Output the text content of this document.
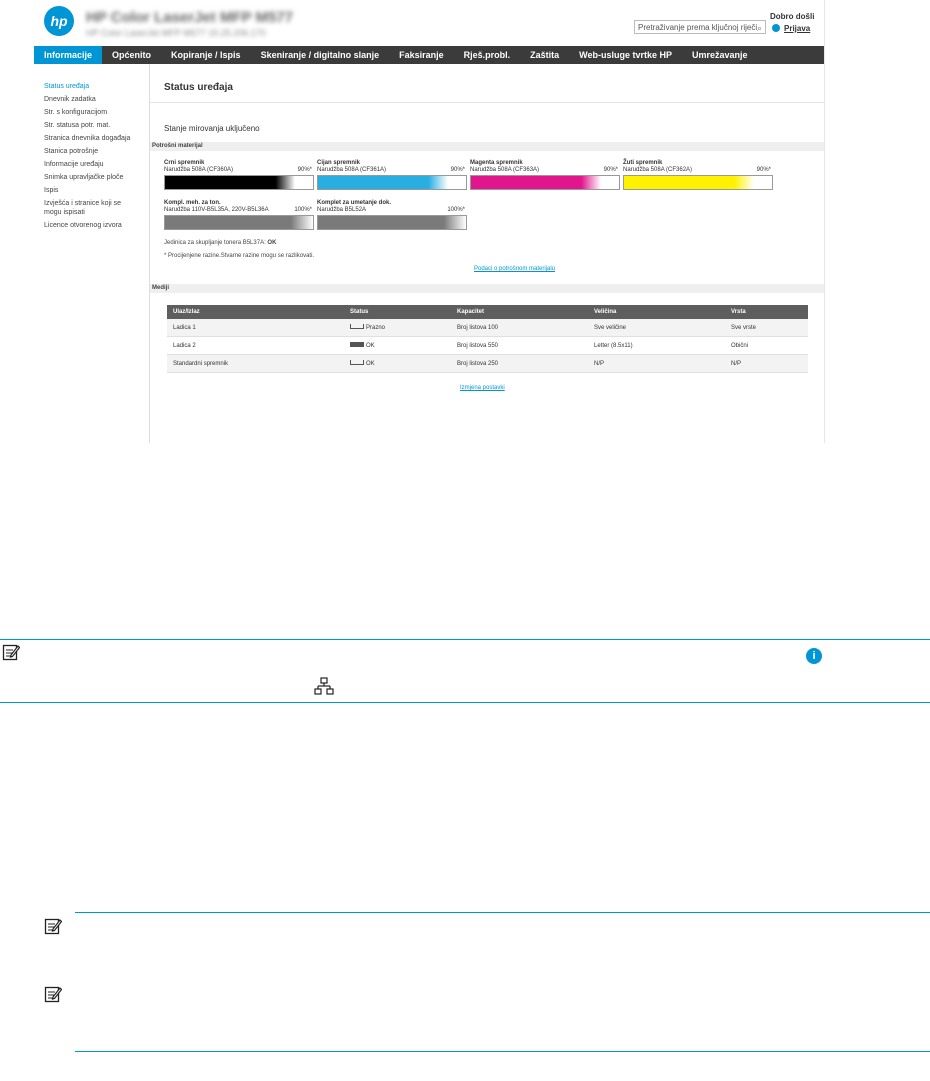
hp	HP Color LaserJet MFP M577
HP Color LaserJet MFP M577 15.25.206.170
Pretraživanje prema ključnoj riječi ⌕
Dobro došli
Prijava
Informacije	Općenito	Kopiranje / Ispis	Skeniranje / digitalno slanje	Faksiranje	Rješ.probl.	Zaštita	Web-usluge tvrtke HP	Umrežavanje
Status uređaja
Dnevnik zadatka
Str. s konfiguracijom
Str. statusa potr. mat.
Stranica dnevnika događaja
Stanica potrošnje
Informacije uređaju
Snimka upravljačke ploče
Ispis
Izvješća i stranice koji se mogu ispisati
Licence otvorenog izvora
Status uređaja
Stanje mirovanja uključeno
Potrošni materijal
Crni spremnik
Narudžba 508A (CF360A)	90%*
Cijan spremnik
Narudžba 508A (CF361A)	90%*
Magenta spremnik
Narudžba 508A (CF363A)	90%*
Žuti spremnik
Narudžba 508A (CF362A)	90%*
Kompl. meh. za ton.
Narudžba 110V-B5L35A, 220V-B5L36A	100%*
Komplet za umetanje dok.
Narudžba B5L52A	100%*
Jedinica za skupljanje tonera B5L37A: OK
* Procijenjene razine.Stvarne razine mogu se razlikovati.
Podaci o potrošnom materijalu
Mediji
Ulaz/Izlaz	Status	Kapacitet	Veličina	Vrsta
Ladica 1	Prazno	Broj listova 100	Sve veličine	Sve vrste
Ladica 2	OK	Broj listova 550	Letter (8.5x11)	Obični
Standardni spremnik	OK	Broj listova 250	N/P	N/P
Izmjena postavki
i
